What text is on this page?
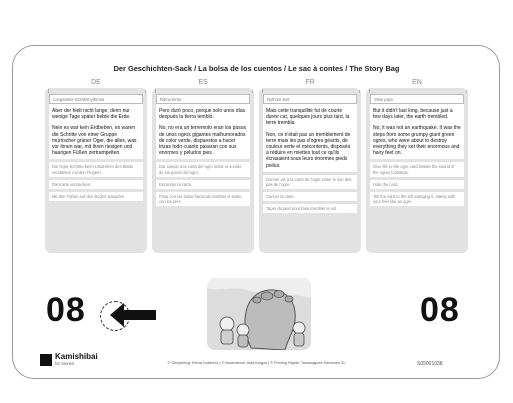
Der Geschichten-Sack / La bolsa de los cuentos / Le sac à contes / The Story Bag
DE
Langsamer Erzählrhythmus

Aber der hielt nicht lange, denn nur wenige Tage später bebte die Erde.

Nein es war kein Erdbeben, es waren die Schritte von einer Gruppe mürrischer grüner Oger, die alles, was vor ihnen war, mit ihren riesigen und haarigen Füßen zertrampelten.

Die Oger-Schritte beim Umdrehen des Blatts verstärken mit den Fingern.
Die Karte verstecken.
Mit den Füßen auf den Boden stampfen.
ES
Ritmo lento

Pero duró poco, porque solo unos días después la tierra tembló.

No, no era un terremoto eran los pasos de unos ogros gigantes malhumorados de color verde, dispuestos a hacer trizas todo cuanto pasaran con sus enormes y peludos pies.

Dar sonido a la carta del ogro imitar el sonido de los pasos del ogro.
Esconder la carta.
Pisar con las botas haciendo temblar el suelo con los pies.
FR
Rythme lent

Mais cette tranquillité fut de courte durée car, quelques jours plus tard, la terre trembla.

Non, ce n'était pas un tremblement de terre mais les pas d'ogres géants, de couleur verte et mécontents, disposés à réduire en miettes tout ce qu'ils écrasaient sous leurs énormes pieds poilus.

Donner vie à la carte de l'ogre imiter le son des pas de l'ogre.
Cacher la carte.
Taper du pied pour faire trembler le sol.
EN
Slow pace

But it didn't last long, because just a few days later, the earth trembled.

No, it was not an earthquake. It was the steps from some grumpy giant green ogres, who were about to destroy everything they set their enormous and hairy feet on.

Give life to the ogre card imitate the sound of the ogres footsteps.
Hide the card.
Tell the card to the left swinging it, stamp with your feet like an ogre.
08	08
Kamishibai
for Stories	© Storytelling: Elena Gutiérrez | © Illustrations: Aida Burgos | © Printing Rights: Tamasagues Ediciones SL	S05001038
